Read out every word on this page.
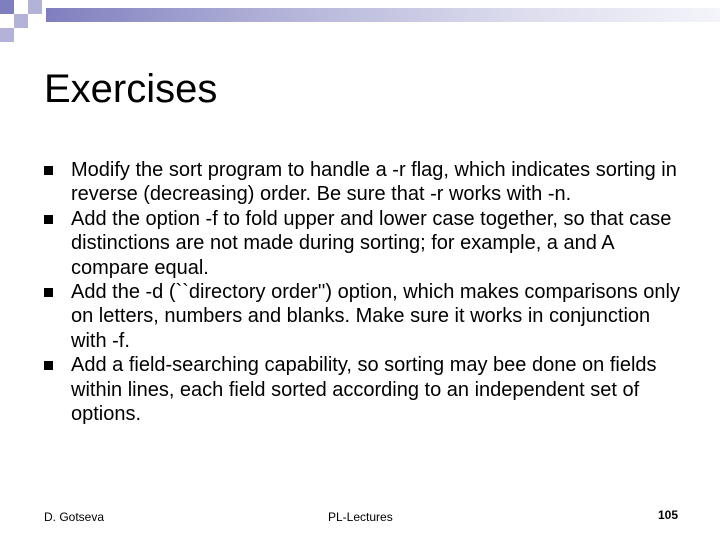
Exercises
Modify the sort program to handle a -r flag, which indicates sorting in reverse (decreasing) order. Be sure that -r works with -n.
Add the option -f to fold upper and lower case together, so that case distinctions are not made during sorting; for example, a and A compare equal.
Add the -d (``directory order'') option, which makes comparisons only on letters, numbers and blanks. Make sure it works in conjunction with -f.
Add a field-searching capability, so sorting may bee done on fields within lines, each field sorted according to an independent set of options.
D. Gotseva	PL-Lectures	105
